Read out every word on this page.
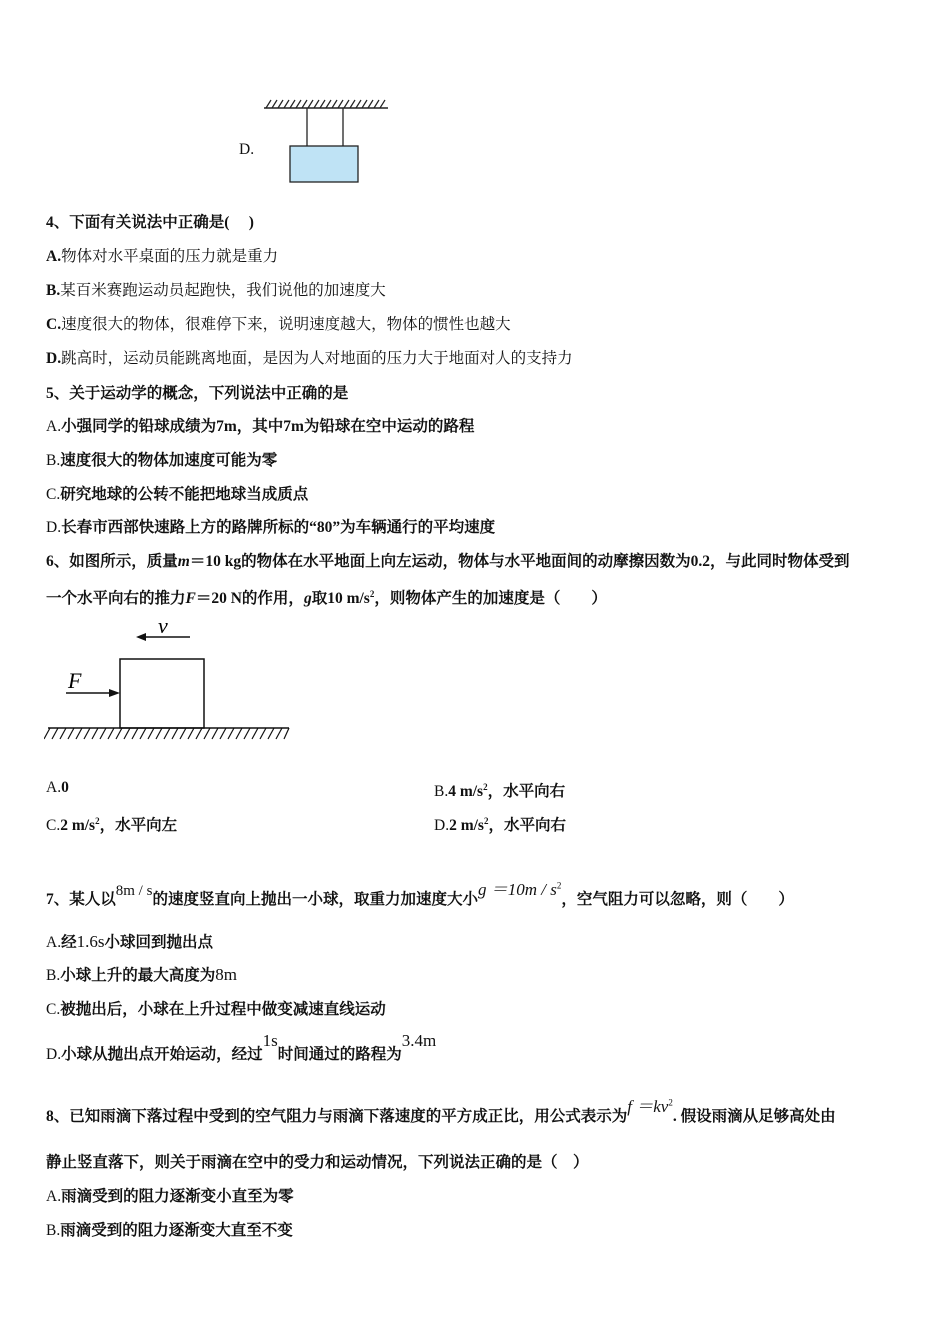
D.
4、下面有关说法中正确是(　 )
A.物体对水平桌面的压力就是重力
B.某百米赛跑运动员起跑快，我们说他的加速度大
C.速度很大的物体，很难停下来，说明速度越大，物体的惯性也越大
D.跳高时，运动员能跳离地面，是因为人对地面的压力大于地面对人的支持力
5、关于运动学的概念，下列说法中正确的是
A.小强同学的铅球成绩为7m，其中7m为铅球在空中运动的路程
B.速度很大的物体加速度可能为零
C.研究地球的公转不能把地球当成质点
D.长春市西部快速路上方的路牌所标的“80”为车辆通行的平均速度
6、如图所示，质量m＝10 kg的物体在水平地面上向左运动，物体与水平地面间的动摩擦因数为0.2，与此同时物体受到
一个水平向右的推力F＝20 N的作用，g取10 $m/s^2$，则物体产生的加速度是（　　）
v
F
A.0	B.4 $m/s^2$，水平向右
C.2 $m/s^2$，水平向左	D.2 $m/s^2$，水平向右
7、某人以8m / s的速度竖直向上抛出一小球，取重力加速度大小$g =10m / s^2$，空气阻力可以忽略，则（　　）
A.经1.6s小球回到抛出点
B.小球上升的最大高度为8m
C.被抛出后，小球在上升过程中做变减速直线运动
D.小球从抛出点开始运动，经过1s时间通过的路程为3.4m
8、已知雨滴下落过程中受到的空气阻力与雨滴下落速度的平方成正比，用公式表示为$f =kv^2$. 假设雨滴从足够高处由
静止竖直落下，则关于雨滴在空中的受力和运动情况，下列说法正确的是（　）
A.雨滴受到的阻力逐渐变小直至为零
B.雨滴受到的阻力逐渐变大直至不变
